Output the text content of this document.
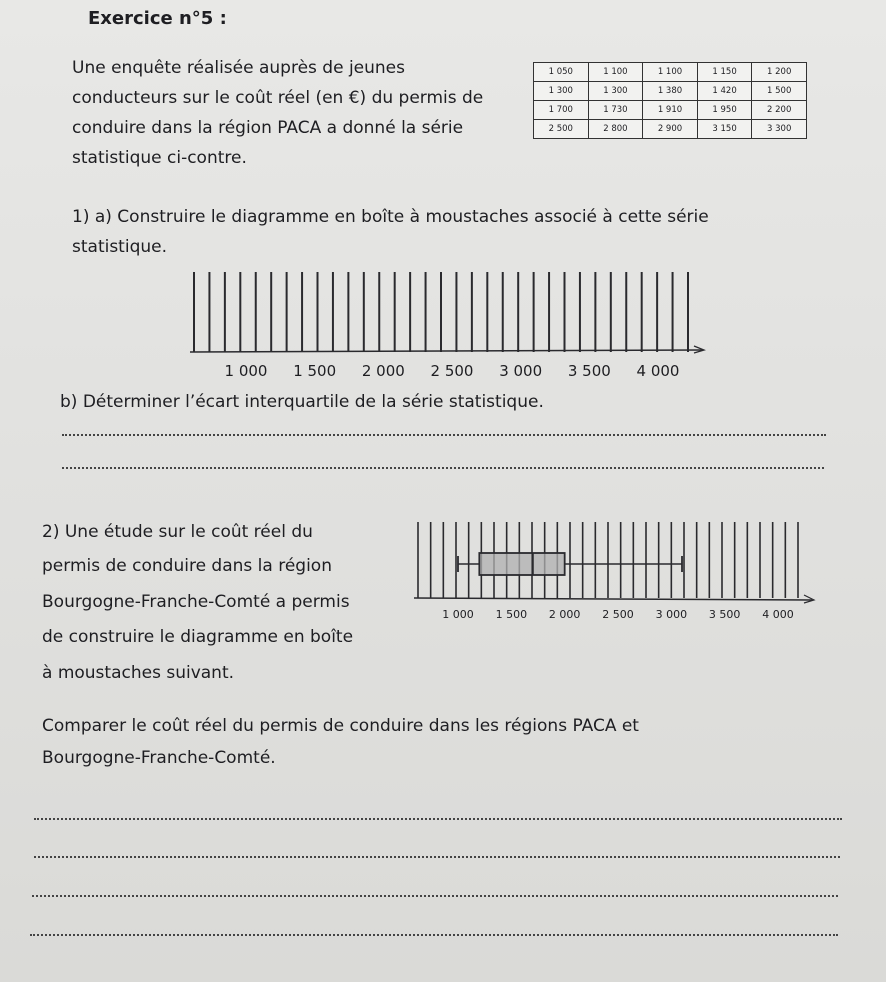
Exercice n°5 :
Une enquête réalisée auprès de jeunes
conducteurs sur le coût réel (en €) du permis de
conduire dans la région PACA a donné la série
statistique ci-contre.
1 050	1 100	1 100	1 150	1 200
1 300	1 300	1 380	1 420	1 500
1 700	1 730	1 910	1 950	2 200
2 500	2 800	2 900	3 150	3 300
1) a) Construire le diagramme en boîte à moustaches associé à cette série
statistique.
1 000 1 500 2 000 2 500 3 000 3 500 4 000
b) Déterminer l’écart interquartile de la série statistique.
2) Une étude sur le coût réel du
permis de conduire dans la région
Bourgogne-Franche-Comté a permis
de construire le diagramme en boîte
à moustaches suivant.
1 000 1 500 2 000 2 500 3 000 3 500 4 000
Comparer le coût réel du permis de conduire dans les régions PACA et
Bourgogne-Franche-Comté.
